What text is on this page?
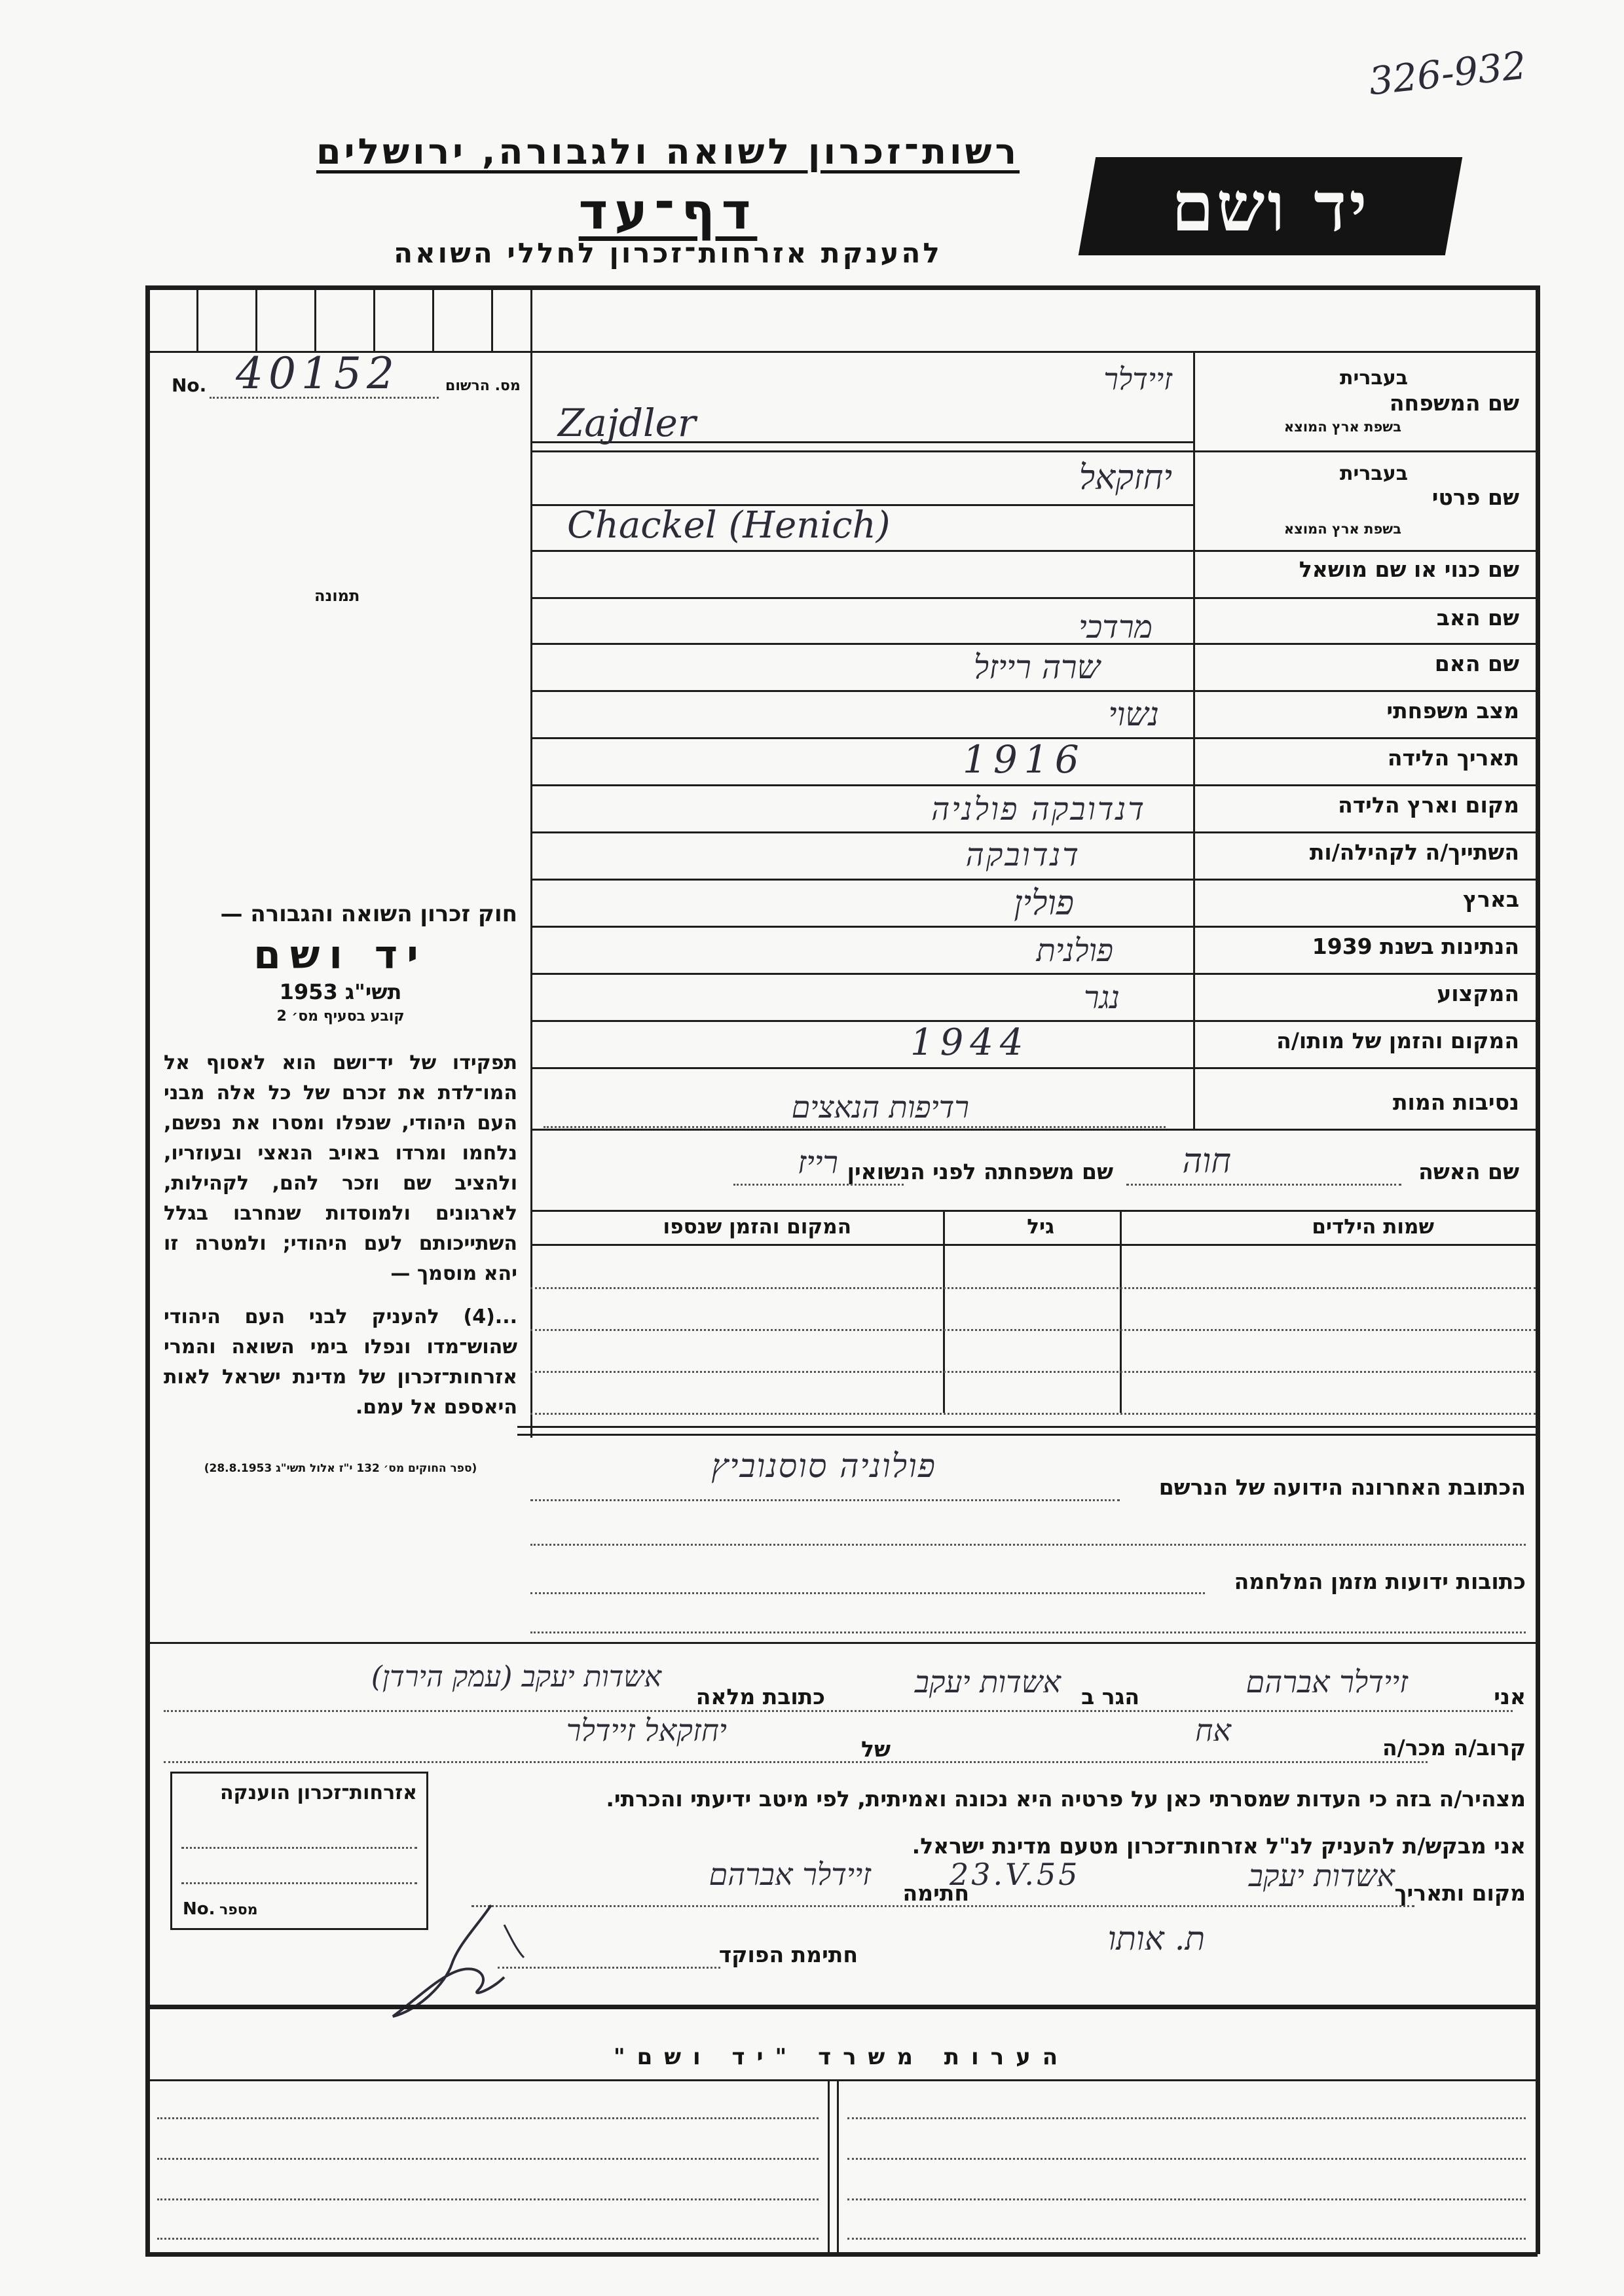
326-932
רשות־זכרון לשואה ולגבורה, ירושלים
דף־עד
להענקת אזרחות־זכרון לחללי השואה
יד ושם
מס. הרשום
No. 40152
תמונה
שם המשפחה
בעברית
בשפת ארץ המוצא
זיידלר
Zajdler
שם פרטי
בעברית
בשפת ארץ המוצא
יחזקאל
Chackel (Henich)
שם כנוי או שם מושאל
שם האב
מרדכי
שם האם
שרה רייזל
מצב משפחתי
נשוי
תאריך הלידה
1916
מקום וארץ הלידה
דנדובקה פולניה
השתייך/ה לקהילה/ות
דנדובקה
בארץ
פולין
הנתינות בשנת 1939
פולנית
המקצוע
נגר
המקום והזמן של מותו/ה
1944
נסיבות המות
רדיפות הנאצים
שם האשה
חוה
שם משפחתה לפני הנשואין
רייז
שמות הילדים
גיל
המקום והזמן שנספו
חוק זכרון השואה והגבורה —
יד ושם
תשי"ג 1953
קובע בסעיף מס׳ 2
תפקידו של יד־ושם הוא לאסוף אל המו־לדת את זכרם של כל אלה מבני העם היהודי, שנפלו ומסרו את נפשם, נלחמו ומרדו באויב הנאצי ובעוזריו, ולהציב שם וזכר להם, לקהילות, לארגונים ולמוסדות שנחרבו בגלל השתייכותם לעם היהודי; ולמטרה זו יהא מוסמך —
...(4) להעניק לבני העם היהודי שהוש־מדו ונפלו בימי השואה והמרי אזרחות־זכרון של מדינת ישראל לאות היאספם אל עמם.
(ספר החוקים מס׳ 132 י"ז אלול תשי"ג 28.8.1953)
הכתובת האחרונה הידועה של הנרשם
פולוניה סוסנוביץ
כתובות ידועות מזמן המלחמה
אני
זיידלר אברהם
הגר ב
אשדות יעקב
כתובת מלאה
אשדות יעקב (עמק הירדן)
קרוב/ה מכר/ה
אח
של
יחזקאל זיידלר
מצהיר/ה בזה כי העדות שמסרתי כאן על פרטיה היא נכונה ואמיתית, לפי מיטב ידיעתי והכרתי.
אני מבקש/ת להעניק לנ"ל אזרחות־זכרון מטעם מדינת ישראל.
מקום ותאריך
אשדות יעקב
23.V.55
חתימה
זיידלר אברהם
חתימת הפוקד	ת. אותו
אזרחות־זכרון הוענקה
מספר
No.
הערות משרד "יד ושם"
